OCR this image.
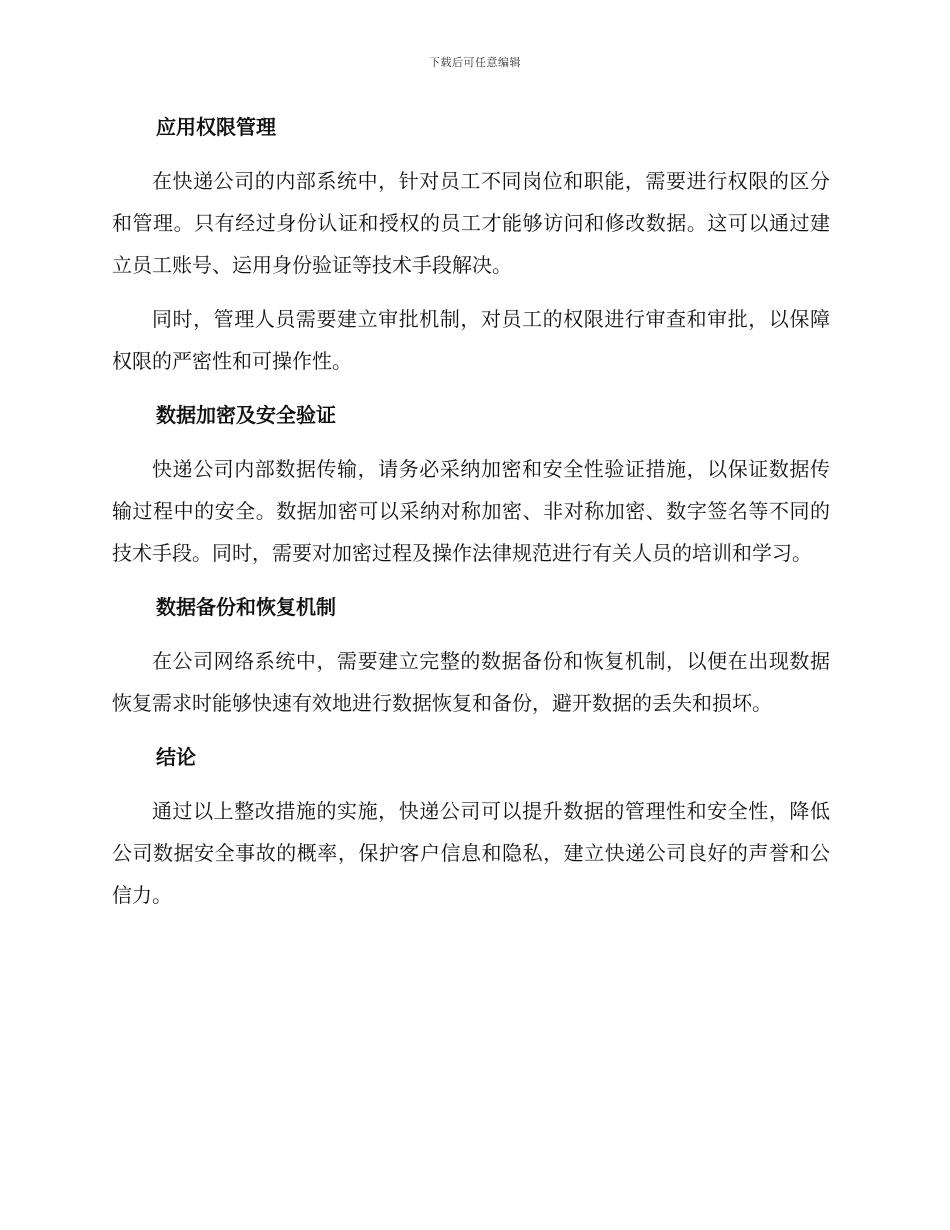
下载后可任意编辑
应用权限管理

在快递公司的内部系统中，针对员工不同岗位和职能，需要进行权限的区分和管理。只有经过身份认证和授权的员工才能够访问和修改数据。这可以通过建立员工账号、运用身份验证等技术手段解决。

同时，管理人员需要建立审批机制，对员工的权限进行审查和审批，以保障权限的严密性和可操作性。

数据加密及安全验证

快递公司内部数据传输，请务必采纳加密和安全性验证措施，以保证数据传输过程中的安全。数据加密可以采纳对称加密、非对称加密、数字签名等不同的技术手段。同时，需要对加密过程及操作法律规范进行有关人员的培训和学习。

数据备份和恢复机制

在公司网络系统中，需要建立完整的数据备份和恢复机制，以便在出现数据恢复需求时能够快速有效地进行数据恢复和备份，避开数据的丢失和损坏。

结论

通过以上整改措施的实施，快递公司可以提升数据的管理性和安全性，降低公司数据安全事故的概率，保护客户信息和隐私，建立快递公司良好的声誉和公信力。
